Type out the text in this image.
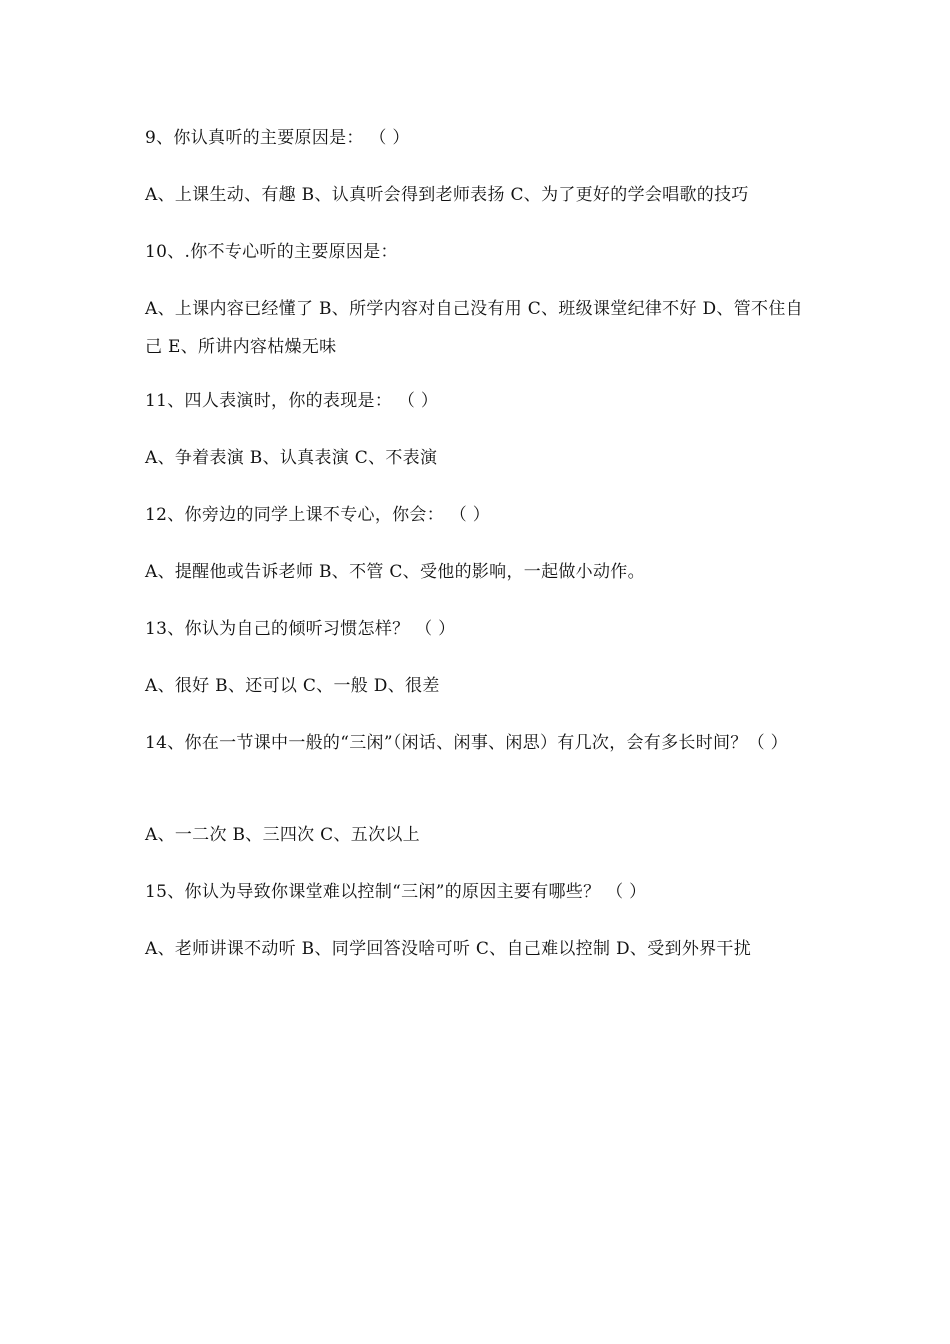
9、你认真听的主要原因是： （ ）
A、上课生动、有趣 B、认真听会得到老师表扬 C、为了更好的学会唱歌的技巧
10、.你不专心听的主要原因是：
A、上课内容已经懂了 B、所学内容对自己没有用 C、班级课堂纪律不好 D、管不住自己 E、所讲内容枯燥无味
11、四人表演时，你的表现是： （ ）
A、争着表演 B、认真表演 C、不表演
12、你旁边的同学上课不专心，你会： （ ）
A、提醒他或告诉老师 B、不管 C、受他的影响，一起做小动作。
13、你认为自己的倾听习惯怎样？ （ ）
A、很好 B、还可以 C、一般 D、很差
14、你在一节课中一般的“三闲”（闲话、闲事、闲思）有几次，会有多长时间？（ ）
A、一二次 B、三四次 C、五次以上
15、你认为导致你课堂难以控制“三闲”的原因主要有哪些？ （ ）
A、老师讲课不动听 B、同学回答没啥可听 C、自己难以控制 D、受到外界干扰
